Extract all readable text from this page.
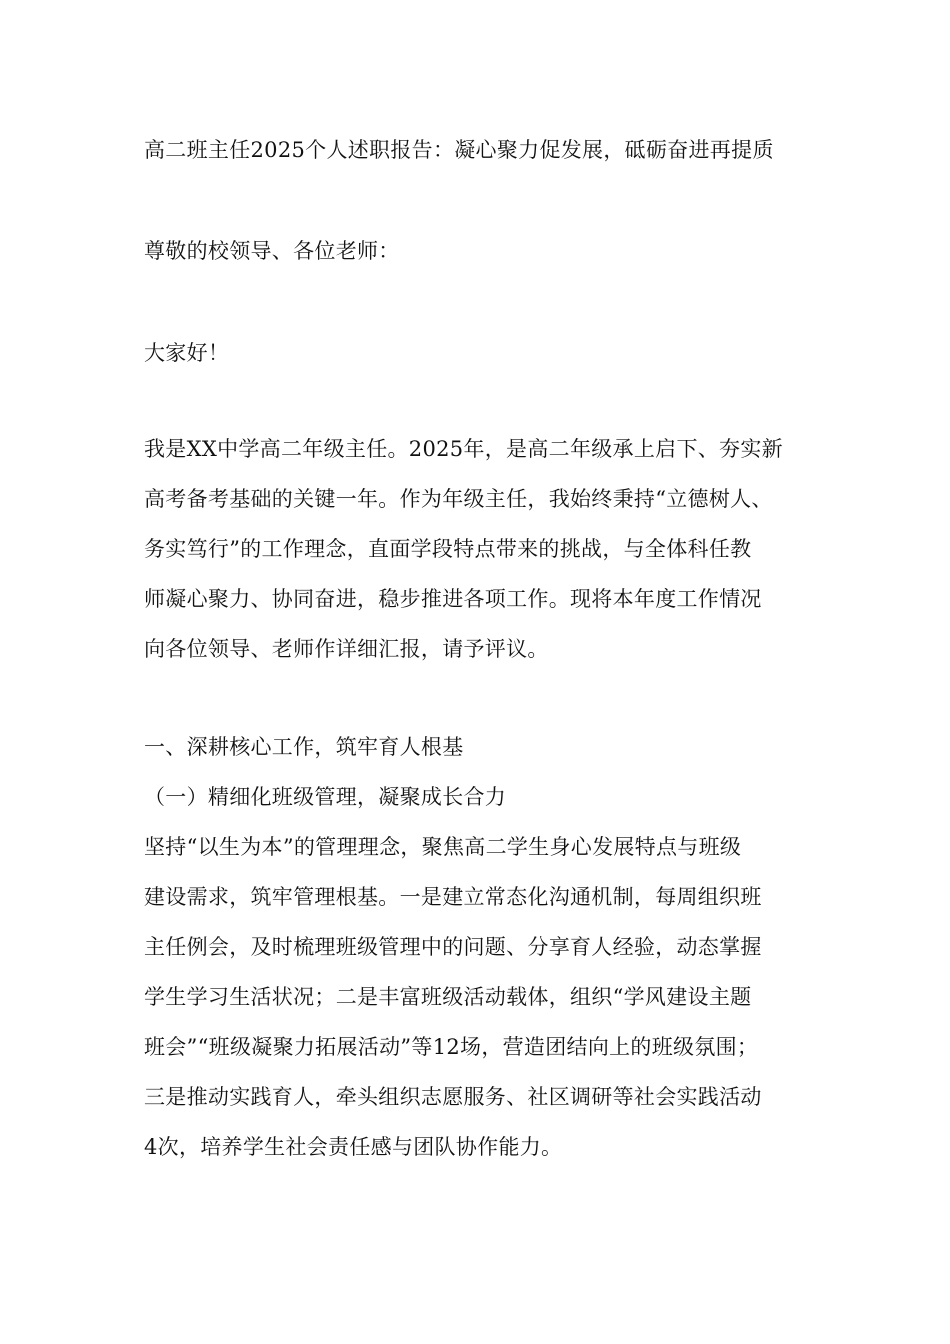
高二班主任2025个人述职报告：凝心聚力促发展，砥砺奋进再提质
尊敬的校领导、各位老师：
大家好！
我是XX中学高二年级主任。2025年，是高二年级承上启下、夯实新
高考备考基础的关键一年。作为年级主任，我始终秉持“立德树人、
务实笃行”的工作理念，直面学段特点带来的挑战，与全体科任教
师凝心聚力、协同奋进，稳步推进各项工作。现将本年度工作情况
向各位领导、老师作详细汇报，请予评议。
一、深耕核心工作，筑牢育人根基
（一）精细化班级管理，凝聚成长合力
坚持“以生为本”的管理理念，聚焦高二学生身心发展特点与班级
建设需求，筑牢管理根基。一是建立常态化沟通机制，每周组织班
主任例会，及时梳理班级管理中的问题、分享育人经验，动态掌握
学生学习生活状况；二是丰富班级活动载体，组织“学风建设主题
班会”“班级凝聚力拓展活动”等12场，营造团结向上的班级氛围；
三是推动实践育人，牵头组织志愿服务、社区调研等社会实践活动
4次，培养学生社会责任感与团队协作能力。
